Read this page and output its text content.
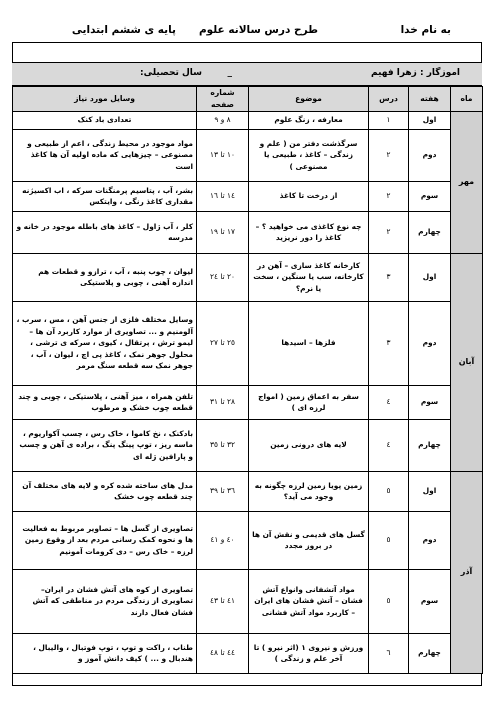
به نام خدا
طرح درس سالانه علوم
پایه ی ششم ابتدایی
اموزگار : زهرا فهیم
_
سال تحصیلی:
ماه	هفته	درس	موضوع	شماره صفحه	وسایل مورد نیاز
مهر	اول	١	معارفه ، زنگ علوم	٨ و ٩	تعدادی باد کنک
	دوم	٢	سرگذشت دفتر من ( علم و زندگی – کاغذ ، طبیعی یا مصنوعی )	١٠ تا ١٣	مواد موجود در محیط زندگی ، اعم از طبیعی و مصنوعی – چیزهایی که ماده اولیه آن ها کاغذ است
	سوم	٢	از درخت تا کاغذ	١٤ تا ١٦	بشر، آب ، پتاسیم پرمنگنات سرکه ، اب اکسیژنه مقداری کاغذ رنگی ، وایتکس
	چهارم	٢	چه نوع کاغذی می خواهید ؟ – کاغذ را دور نریزید	١٧ تا ١٩	کلر ، آب ژاول – کاغذ های باطله موجود در خانه و مدرسه
آبان	اول	٣	کارخانه کاغذ سازی – آهن در کارخانه، سب یا سنگین ، سخت یا نرم؟	٢٠ تا ٢٤	لیوان ، چوب پنبه ، آب ، ترازو و قطعات هم اندازه آهنی ، چوبی و پلاستیکی
	دوم	٣	فلزها – اسیدها	٢٥ تا ٢٧	وسایل مختلف فلزی از جنس آهن ، مس ، سرب ، آلومنیم و ... تصاویری از موارد کاربرد آن ها – لیمو ترش ، پرتقال ، کیوی ، سرکه ی ترشی ، محلول جوهر نمک ، کاغذ پی اچ ، لیوان ، آب ، جوهر نمک سه قطعه سنگ مرمر
	سوم	٤	سفر به اعماق زمین ( امواج لرزه ای )	٢٨ تا ٣١	تلفن همراه ، میز آهنی ، پلاستیکی ، چوبی و چند قطعه چوب خشک و مرطوب
	چهارم	٤	لایه های درونی زمین	٣٢ تا ٣٥	بادکنک ، نخ کاموا ، خاک رس ، چسب آکواریوم ، ماسه ریز ، توپ پینگ پنگ ، براده ی آهن و چسب و پارافین ژله ای
آذر	اول	٥	زمین پویا زمین لرزه چگونه به وجود می آید؟	٣٦ تا ٣٩	مدل های ساخته شده کره و لایه های مختلف آن چند قطعه چوب خشک
	دوم	٥	گسل های قدیمی و نقش آن ها در بروز مجدد	٤٠ و ٤١	تصاویری از گسل ها – تصاویر مربوط به فعالیت ها و نحوه کمک رسانی مردم بعد از وقوع زمین لرزه – خاک رس – دی کرومات آمونیم
	سوم	٥	مواد آتشفانی وانواع آتش فشان – آتش فشان های ایران – کاربرد مواد آتش فشانی	٤١ تا ٤٣	تصاویری از کوه های آتش فشان در ایران– تصاویری از زندگی مردم در مناطقی که آتش فشان فعال دارند
	چهارم	٦	ورزش و نیروی ١ (اثر نیرو ) تا آخر علم و زندگی )	٤٤ تا ٤٨	طناب ، راکت و توپ ، توپ فوتبال ، والیبال ، هندبال و ... ) کیف دانش آموز و
